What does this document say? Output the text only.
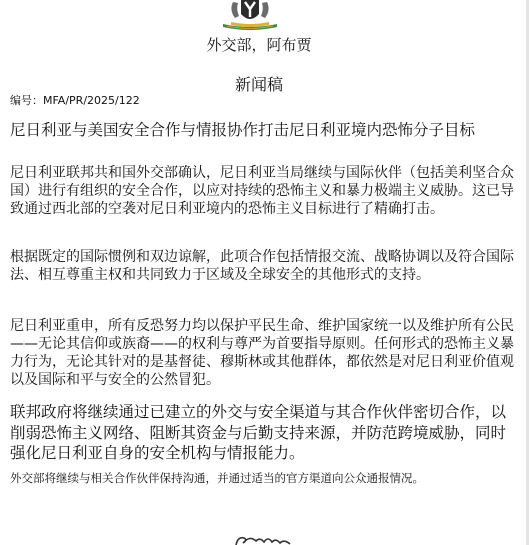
外交部，阿布贾
新闻稿
编号：MFA/PR/2025/122
尼日利亚与美国安全合作与情报协作打击尼日利亚境内恐怖分子目标

尼日利亚联邦共和国外交部确认，尼日利亚当局继续与国际伙伴（包括美利坚合众国）进行有组织的安全合作，以应对持续的恐怖主义和暴力极端主义威胁。这已导致通过西北部的空袭对尼日利亚境内的恐怖主义目标进行了精确打击。

根据既定的国际惯例和双边谅解，此项合作包括情报交流、战略协调以及符合国际法、相互尊重主权和共同致力于区域及全球安全的其他形式的支持。

尼日利亚重申，所有反恐努力均以保护平民生命、维护国家统一以及维护所有公民——无论其信仰或族裔——的权利与尊严为首要指导原则。任何形式的恐怖主义暴力行为，无论其针对的是基督徒、穆斯林或其他群体，都依然是对尼日利亚价值观以及国际和平与安全的公然冒犯。

联邦政府将继续通过已建立的外交与安全渠道与其合作伙伴密切合作，以削弱恐怖主义网络、阻断其资金与后勤支持来源，并防范跨境威胁，同时强化尼日利亚自身的安全机构与情报能力。

外交部将继续与相关合作伙伴保持沟通，并通过适当的官方渠道向公众通报情况。
